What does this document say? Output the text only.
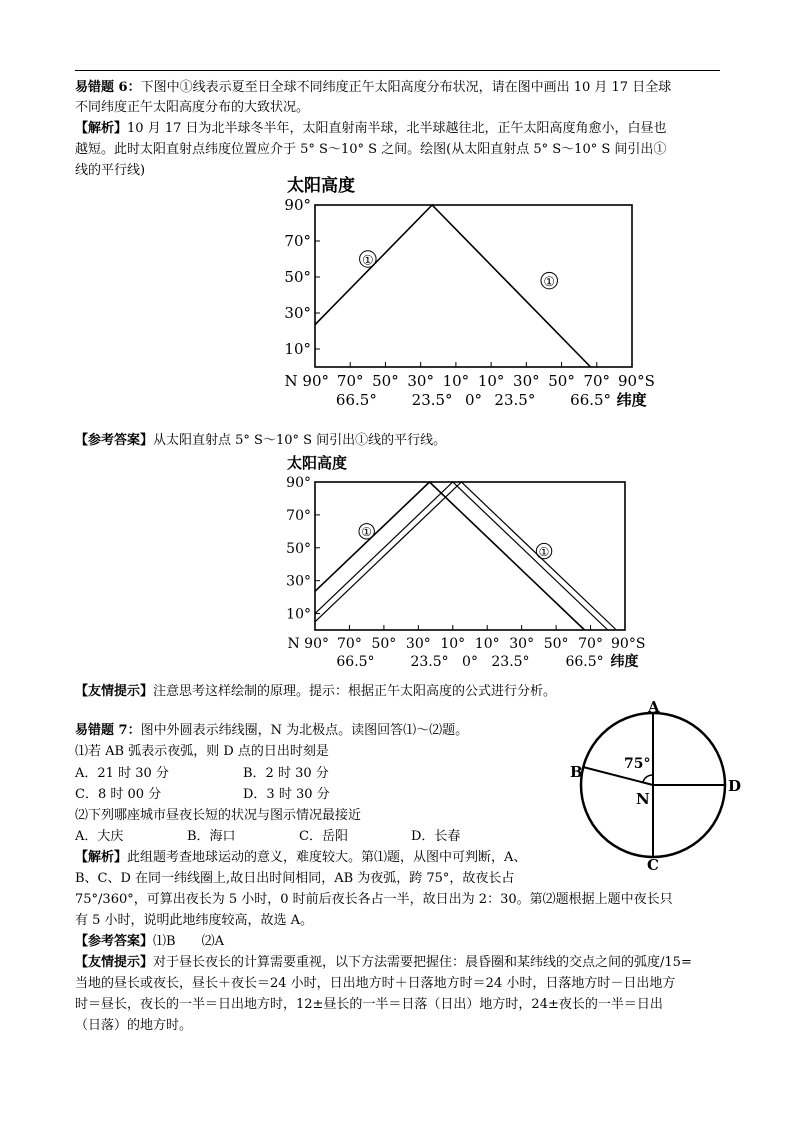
易错题 6：下图中①线表示夏至日全球不同纬度正午太阳高度分布状况，请在图中画出 10 月 17 日全球
不同纬度正午太阳高度分布的大致状况。
【解析】10 月 17 日为北半球冬半年，太阳直射南半球，北半球越往北，正午太阳高度角愈小，白昼也
越短。此时太阳直射点纬度位置应介于 5° S～10° S 之间。绘图(从太阳直射点 5° S～10° S 间引出①
线的平行线)
太阳高度
90°
70°
50°
30°
10°
N 90° 70° 50° 30° 10° 10° 30° 50° 70° 90°S
66.5° 23.5° 0° 23.5° 66.5° 纬度
①
①
【参考答案】从太阳直射点 5° S～10° S 间引出①线的平行线。
太阳高度
90°
70°
50°
30°
10°
N 90° 70° 50° 30° 10° 10° 30° 50° 70° 90°S
66.5°	23.5° 0° 23.5°	66.5° 纬度
①
①
【友情提示】注意思考这样绘制的原理。提示：根据正午太阳高度的公式进行分析。
易错题 7：图中外圆表示纬线圈，N 为北极点。读图回答⑴～⑵题。
⑴若 AB 弧表示夜弧，则 D 点的日出时刻是
A．21 时 30 分	B．2 时 30 分
C．8 时 00 分	D．3 时 30 分
⑵下列哪座城市昼夜长短的状况与图示情况最接近
A．大庆	B．海口	C．岳阳	D．长春
【解析】此组题考查地球运动的意义，难度较大。第⑴题，从图中可判断，A、
B、C、D 在同一纬线圈上,故日出时间相同，AB 为夜弧，跨 75°，故夜长占
75°/360°，可算出夜长为 5 小时，0 时前后夜长各占一半，故日出为 2：30。第⑵题根据上题中夜长只
有 5 小时，说明此地纬度较高，故选 A。
【参考答案】⑴B　　⑵A
【友情提示】对于昼长夜长的计算需要重视，以下方法需要把握住：晨昏圈和某纬线的交点之间的弧度/15=
当地的昼长或夜长，昼长＋夜长＝24 小时，日出地方时＋日落地方时＝24 小时，日落地方时－日出地方
时＝昼长，夜长的一半＝日出地方时，12±昼长的一半＝日落（日出）地方时，24±夜长的一半＝日出
（日落）的地方时。
A
B
C
D
N
75°
